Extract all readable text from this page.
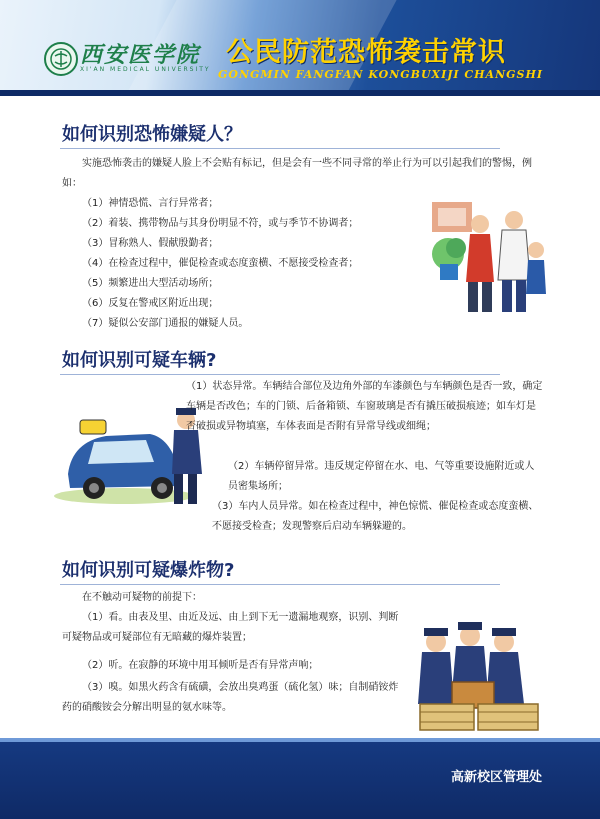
西安医学院
XI'AN MEDICAL UNIVERSITY
公民防范恐怖袭击常识
GONGMIN FANGFAN KONGBUXIJI CHANGSHI
如何识别恐怖嫌疑人？

实施恐怖袭击的嫌疑人脸上不会贴有标记，但是会有一些不同寻常的举止行为可以引起我们的警惕，例如：

（1）神情恐慌、言行异常者；

（2）着装、携带物品与其身份明显不符，或与季节不协调者；

（3）冒称熟人、假献殷勤者；

（4）在检查过程中，催促检查或态度蛮横、不愿接受检查者；

（5）频繁进出大型活动场所；

（6）反复在警戒区附近出现；

（7）疑似公安部门通报的嫌疑人员。

如何识别可疑车辆?

（1）状态异常。车辆结合部位及边角外部的车漆颜色与车辆颜色是否一致，确定车辆是否改色；车的门锁、后备箱锁、车窗玻璃是否有撬压破损痕迹；如车灯是否破损或异物填塞，车体表面是否附有异常导线或细绳；

（2）车辆停留异常。违反规定停留在水、电、气等重要设施附近或人员密集场所；

（3）车内人员异常。如在检查过程中，神色惊慌、催促检查或态度蛮横、不愿接受检查；发现警察后启动车辆躲避的。

如何识别可疑爆炸物?

在不触动可疑物的前提下：

（1）看。由表及里、由近及远、由上到下无一遗漏地观察，识别、判断可疑物品或可疑部位有无暗藏的爆炸装置；

（2）听。在寂静的环境中用耳倾听是否有异常声响；

（3）嗅。如黑火药含有硫磺，会放出臭鸡蛋（硫化氢）味；自制硝铵炸药的硝酸铵会分解出明显的氨水味等。

高新校区管理处
